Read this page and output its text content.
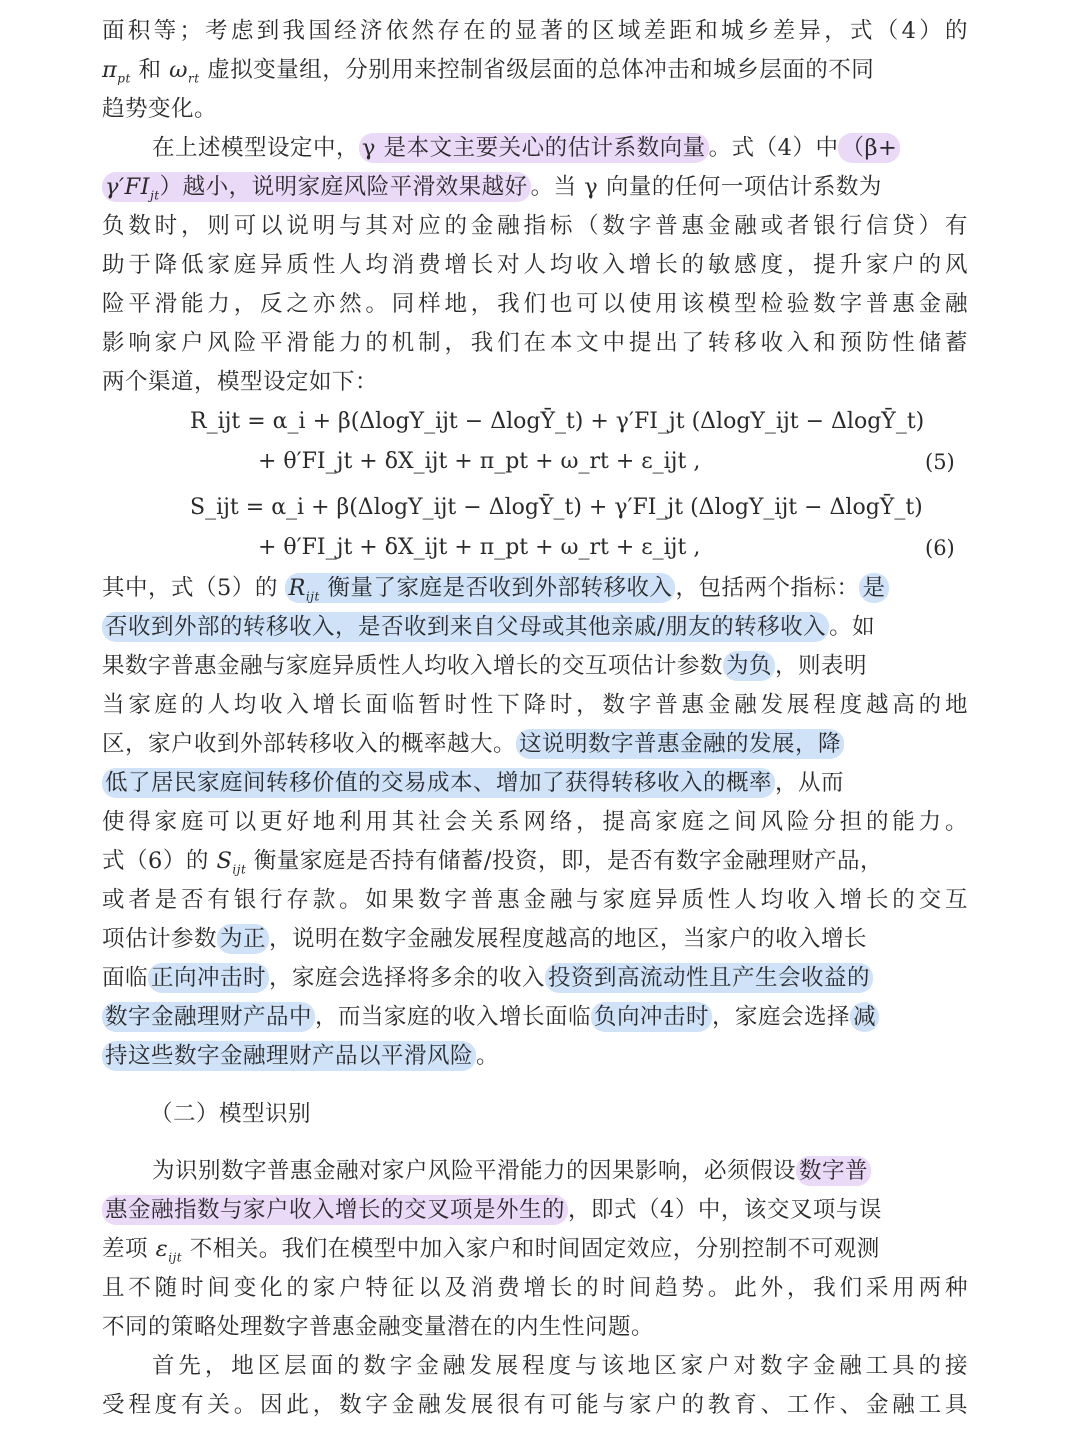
面积等；考虑到我国经济依然存在的显著的区域差距和城乡差异，式（4）的
$\pi_{pt}$ 和 $\omega_{rt}$ 虚拟变量组，分别用来控制省级层面的总体冲击和城乡层面的不同
趋势变化。
在上述模型设定中， γ 是本文主要关心的估计系数向量 。式（4）中 （β+
$\gamma'FI_{jt}$）越小，说明家庭风险平滑效果越好 。当 γ 向量的任何一项估计系数为
负数时，则可以说明与其对应的金融指标（数字普惠金融或者银行信贷）有
助于降低家庭异质性人均消费增长对人均收入增长的敏感度，提升家户的风
险平滑能力，反之亦然。同样地，我们也可以使用该模型检验数字普惠金融
影响家户风险平滑能力的机制，我们在本文中提出了转移收入和预防性储蓄
两个渠道，模型设定如下：
R_ijt = α_i + β(ΔlogY_ijt − ΔlogȲ_t) + γ′FI_jt (ΔlogY_ijt − ΔlogȲ_t)
+ θ′FI_jt + δX_ijt + π_pt + ω_rt + ε_ijt ,	(5)
S_ijt = α_i + β(ΔlogY_ijt − ΔlogȲ_t) + γ′FI_jt (ΔlogY_ijt − ΔlogȲ_t)
+ θ′FI_jt + δX_ijt + π_pt + ω_rt + ε_ijt ,	(6)
其中，式（5）的 $R_{ijt}$ 衡量了家庭是否收到外部转移收入 ，包括两个指标： 是
否收到外部的转移收入，是否收到来自父母或其他亲戚/朋友的转移收入 。如
果数字普惠金融与家庭异质性人均收入增长的交互项估计参数 为负 ，则表明
当家庭的人均收入增长面临暂时性下降时，数字普惠金融发展程度越高的地
区，家户收到外部转移收入的概率越大。 这说明数字普惠金融的发展，降
低了居民家庭间转移价值的交易成本、增加了获得转移收入的概率 ，从而
使得家庭可以更好地利用其社会关系网络，提高家庭之间风险分担的能力。
式（6）的 $S_{ijt}$ 衡量家庭是否持有储蓄/投资，即，是否有数字金融理财产品，
或者是否有银行存款。如果数字普惠金融与家庭异质性人均收入增长的交互
项估计参数 为正 ，说明在数字金融发展程度越高的地区，当家户的收入增长
面临 正向冲击时 ，家庭会选择将多余的收入 投资到高流动性且产生会收益的
数字金融理财产品中 ，而当家庭的收入增长面临 负向冲击时 ，家庭会选择 减
持这些数字金融理财产品以平滑风险 。
（二）模型识别
为识别数字普惠金融对家户风险平滑能力的因果影响，必须假设 数字普
惠金融指数与家户收入增长的交叉项是外生的 ，即式（4）中，该交叉项与误
差项 $\varepsilon_{ijt}$ 不相关。我们在模型中加入家户和时间固定效应，分别控制不可观测
且不随时间变化的家户特征以及消费增长的时间趋势。此外，我们采用两种
不同的策略处理数字普惠金融变量潜在的内生性问题。
首先，地区层面的数字金融发展程度与该地区家户对数字金融工具的接
受程度有关。因此，数字金融发展很有可能与家户的教育、工作、金融工具
